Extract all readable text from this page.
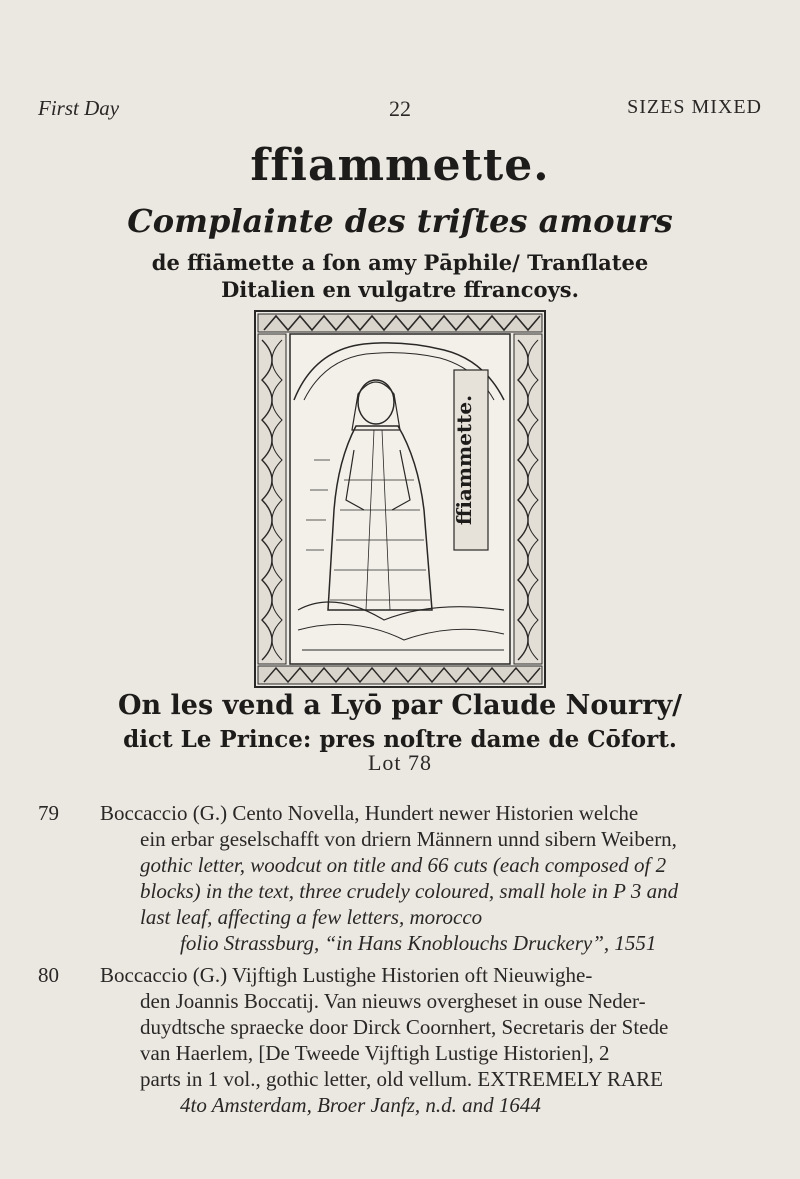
First Day	22	SIZES MIXED
ffiammette.
Complainte des triſtes amours
de ffiāmette a ſon amy Pāphile/ Tranſlatee
Ditalien en vulgatre ffrancoys.
ffiammette.
On les vend a Lyō par Claude Nourry/
dict Le Prince: pres noſtre dame de Cōfort.
Lot 78
79	Boccaccio (G.) Cento Novella, Hundert newer Historien welche
ein erbar geselschafft von driern Männern unnd sibern Weibern,
gothic letter, woodcut on title and 66 cuts (each composed of 2
blocks) in the text, three crudely coloured, small hole in P 3 and
last leaf, affecting a few letters, morocco
folio Strassburg, “in Hans Knoblouchs Druckery”, 1551
80	Boccaccio (G.) Vijftigh Lustighe Historien oft Nieuwighe-
den Joannis Boccatij. Van nieuws overgheset in ouse Neder-
duydtsche spraecke door Dirck Coornhert, Secretaris der Stede
van Haerlem, [De Tweede Vijftigh Lustige Historien], 2
parts in 1 vol., gothic letter, old vellum. EXTREMELY RARE
4to Amsterdam, Broer Janfz, n.d. and 1644
